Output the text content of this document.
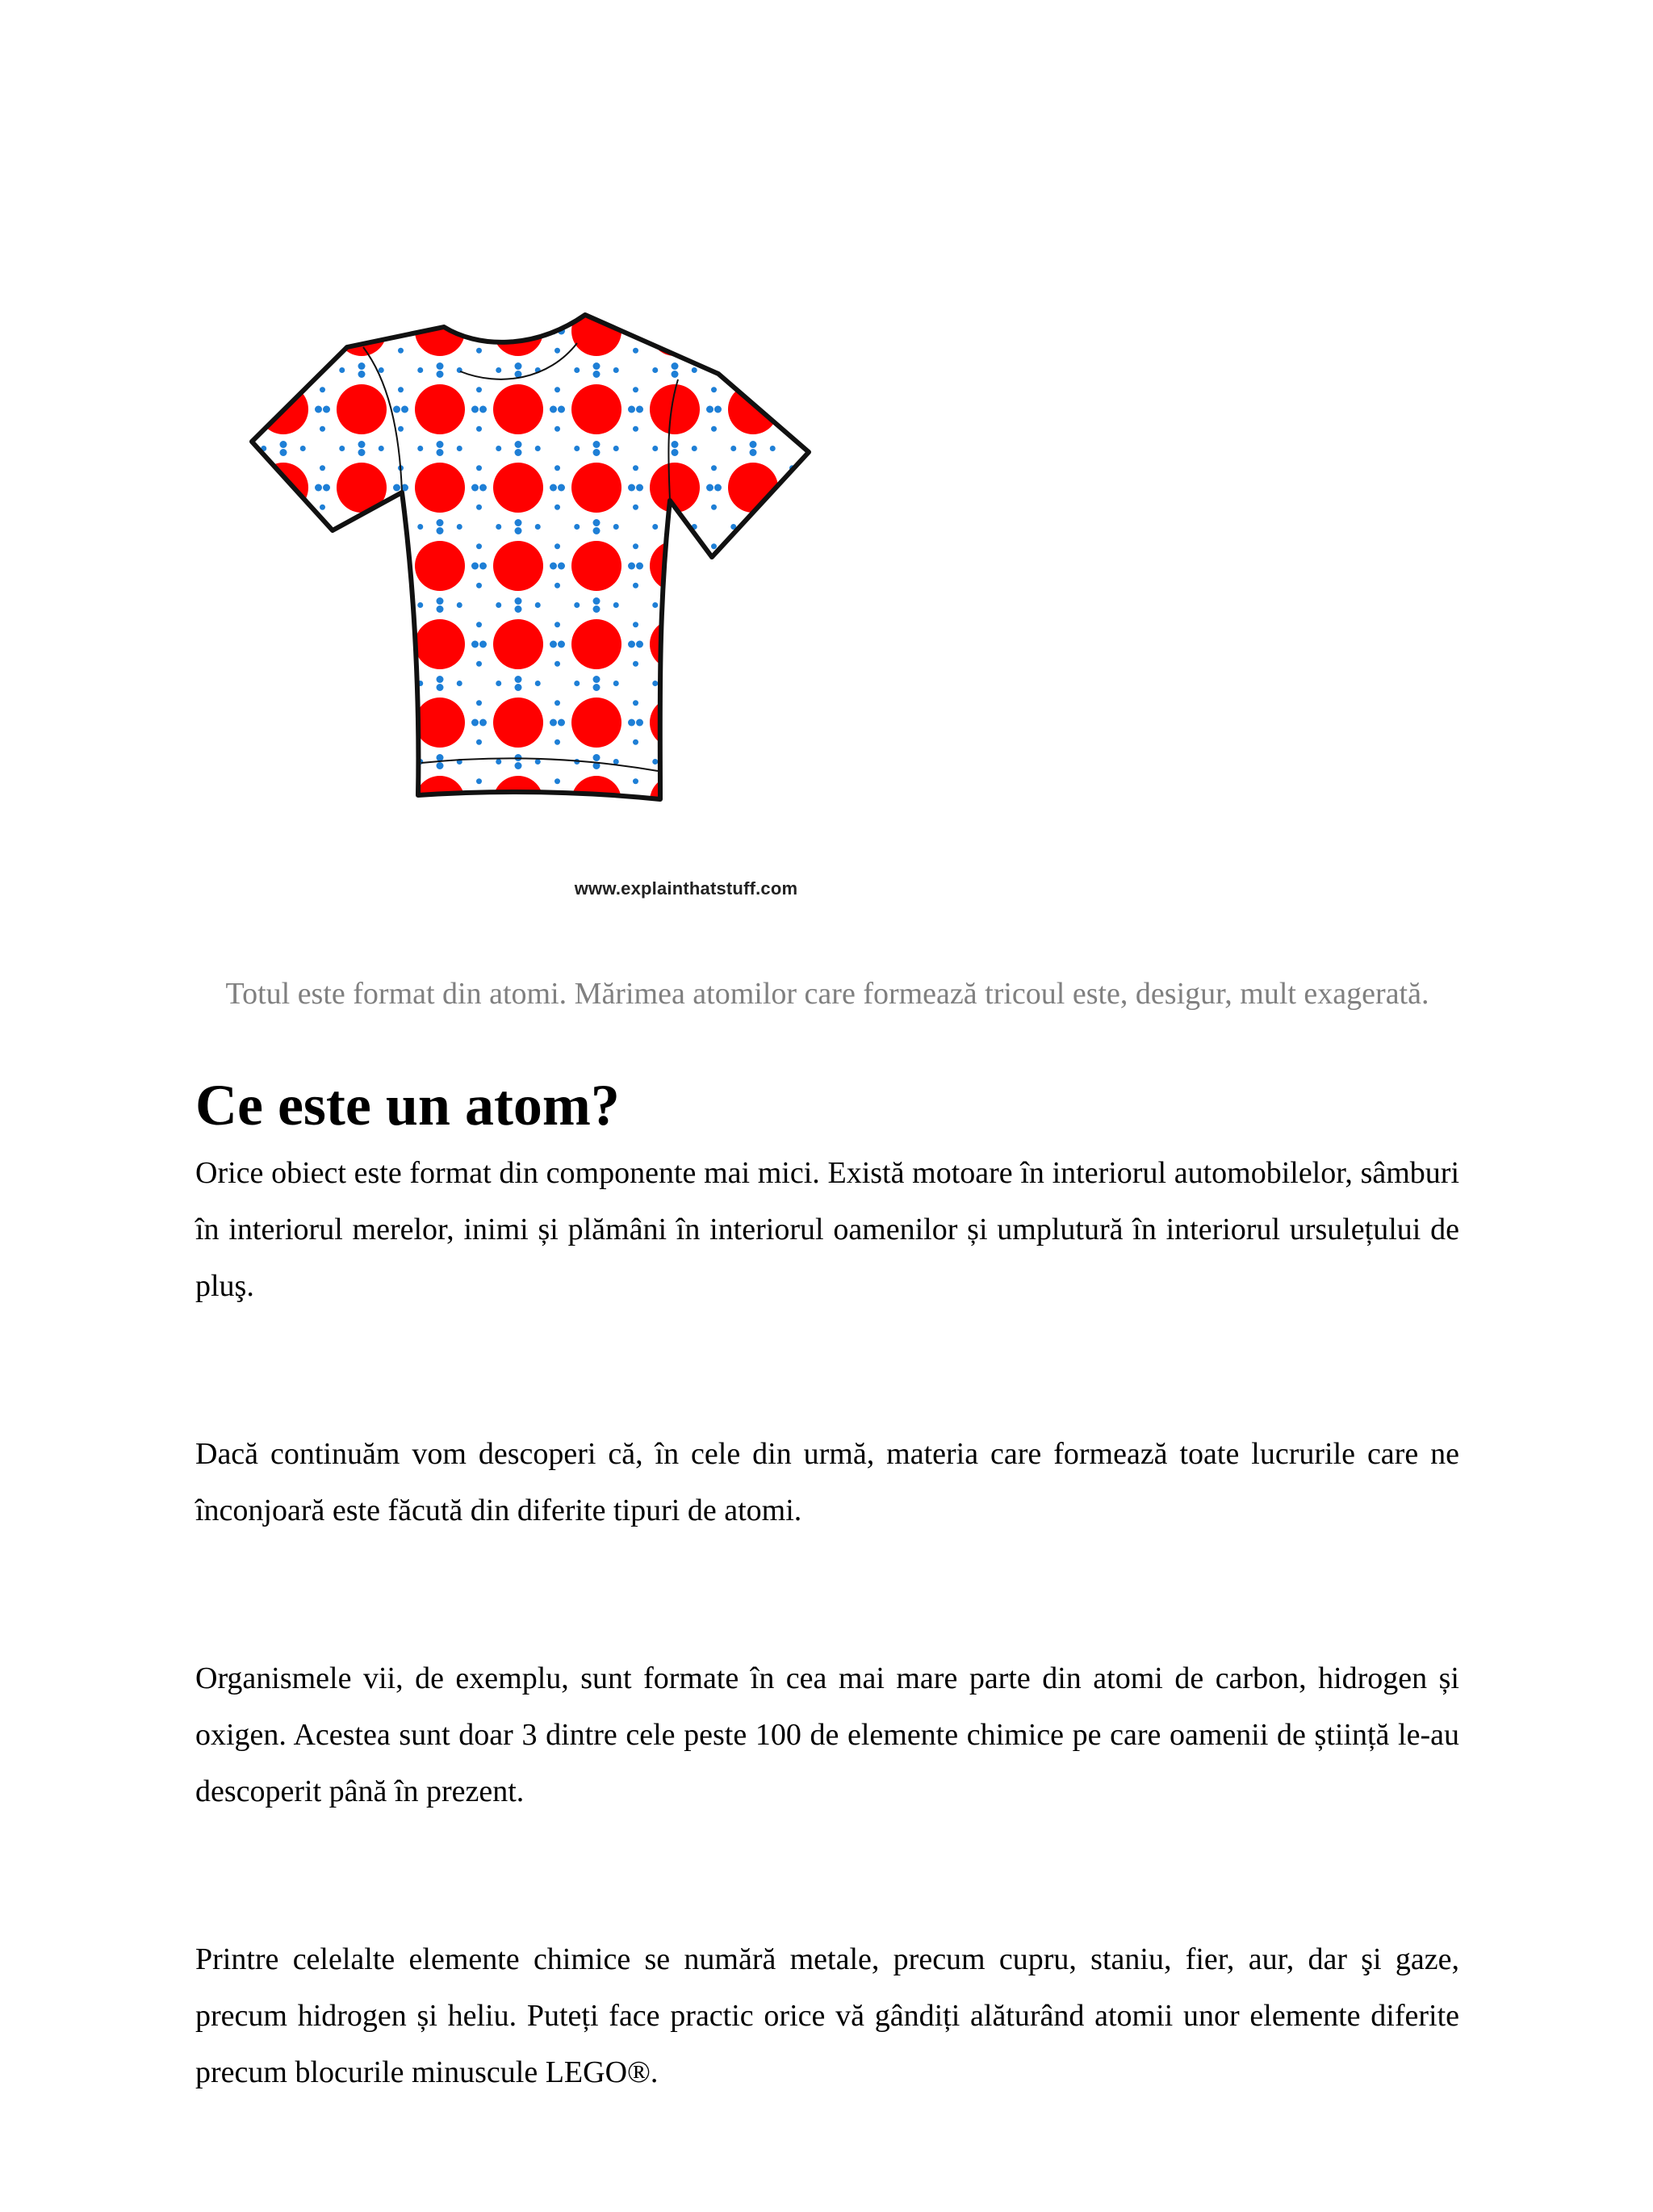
www.explainthatstuff.com
Totul este format din atomi. Mărimea atomilor care formează tricoul este, desigur, mult exagerată.
Ce este un atom?

Orice obiect este format din componente mai mici. Există motoare în interiorul automobilelor, sâmburi în interiorul merelor, inimi și plămâni în interiorul oamenilor și umplutură în interiorul ursulețului de pluş.

Dacă continuăm vom descoperi că, în cele din urmă, materia care formează toate lucrurile care ne înconjoară este făcută din diferite tipuri de atomi.

Organismele vii, de exemplu, sunt formate în cea mai mare parte din atomi de carbon, hidrogen și oxigen. Acestea sunt doar 3 dintre cele peste 100 de elemente chimice pe care oamenii de știință le-au descoperit până în prezent.

Printre celelalte elemente chimice se numără metale, precum cupru, staniu, fier, aur, dar şi gaze, precum hidrogen și heliu. Puteți face practic orice vă gândiți alăturând atomii unor elemente diferite precum blocurile minuscule LEGO®.
